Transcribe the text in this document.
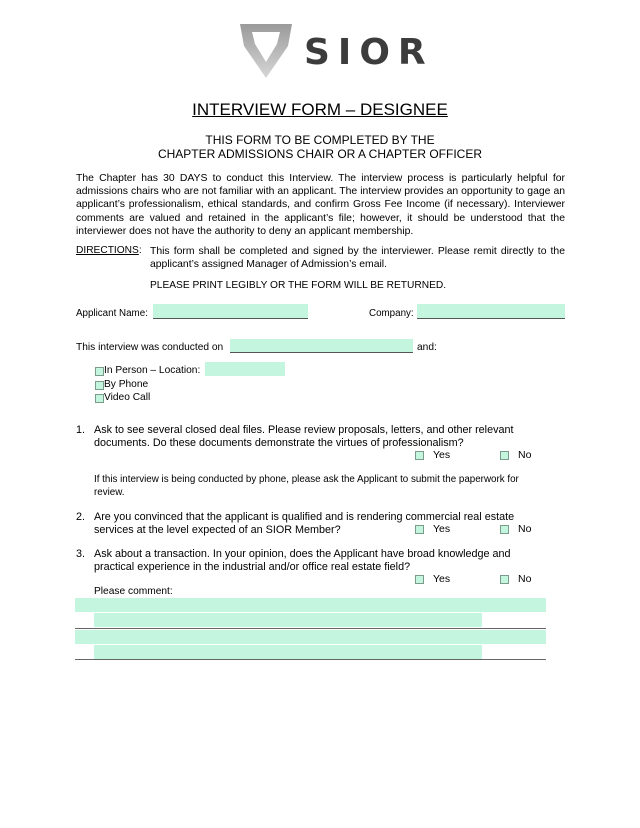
SIOR
INTERVIEW FORM – DESIGNEE
THIS FORM TO BE COMPLETED BY THE
CHAPTER ADMISSIONS CHAIR OR A CHAPTER OFFICER
The Chapter has 30 DAYS to conduct this Interview. The interview process is particularly helpful for admissions chairs who are not familiar with an applicant. The interview provides an opportunity to gage an applicant’s professionalism, ethical standards, and confirm Gross Fee Income (if necessary). Interviewer comments are valued and retained in the applicant’s file; however, it should be understood that the interviewer does not have the authority to deny an applicant membership.
DIRECTIONS: This form shall be completed and signed by the interviewer. Please remit directly to the applicant’s assigned Manager of Admission’s email.
PLEASE PRINT LEGIBLY OR THE FORM WILL BE RETURNED.
Applicant Name:	Company:
This interview was conducted on	and:
In Person – Location:
By Phone
Video Call
1. Ask to see several closed deal files. Please review proposals, letters, and other relevant documents. Do these documents demonstrate the virtues of professionalism?
Yes	No
If this interview is being conducted by phone, please ask the Applicant to submit the paperwork for review.
2. Are you convinced that the applicant is qualified and is rendering commercial real estate services at the level expected of an SIOR Member?	Yes	No
3. Ask about a transaction. In your opinion, does the Applicant have broad knowledge and practical experience in the industrial and/or office real estate field?
Yes	No
Please comment:
